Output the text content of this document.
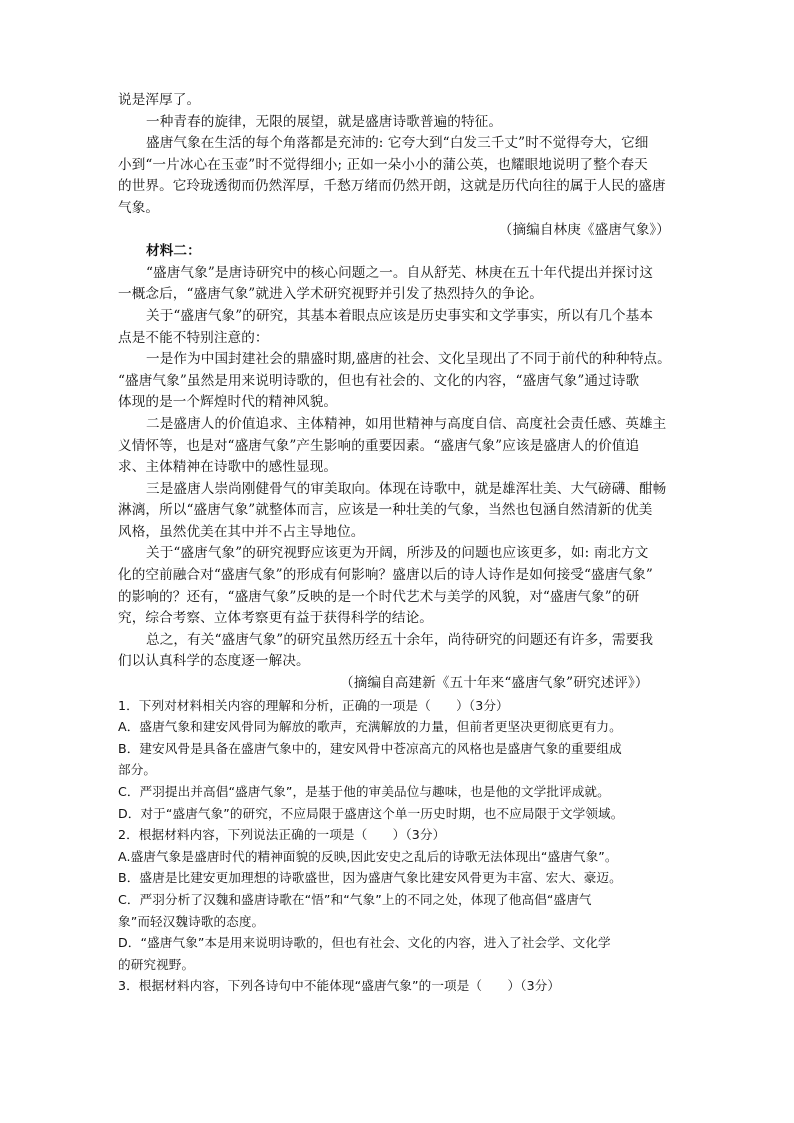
说是浑厚了。

一种青春的旋律，无限的展望，就是盛唐诗歌普遍的特征。

盛唐气象在生活的每个角落都是充沛的: 它夸大到“白发三千丈”时不觉得夸大，它细

小到“一片冰心在玉壶”时不觉得细小; 正如一朵小小的蒲公英，也耀眼地说明了整个春天

的世界。它玲珑透彻而仍然浑厚，千愁万绪而仍然开朗，这就是历代向往的属于人民的盛唐

气象。

（摘编自林庚《盛唐气象》）

材料二：

“盛唐气象”是唐诗研究中的核心问题之一。自从舒芜、林庚在五十年代提出并探讨这

一概念后，“盛唐气象”就进入学术研究视野并引发了热烈持久的争论。

关于“盛唐气象”的研究，其基本着眼点应该是历史事实和文学事实，所以有几个基本

点是不能不特别注意的：

一是作为中国封建社会的鼎盛时期,盛唐的社会、文化呈现出了不同于前代的种种特点。

“盛唐气象”虽然是用来说明诗歌的，但也有社会的、文化的内容，“盛唐气象”通过诗歌

体现的是一个辉煌时代的精神风貌。

二是盛唐人的价值追求、主体精神，如用世精神与高度自信、高度社会责任感、英雄主

义情怀等，也是对“盛唐气象”产生影响的重要因素。“盛唐气象”应该是盛唐人的价值追

求、主体精神在诗歌中的感性显现。

三是盛唐人崇尚刚健骨气的审美取向。体现在诗歌中，就是雄浑壮美、大气磅礴、酣畅

淋漓，所以“盛唐气象”就整体而言，应该是一种壮美的气象，当然也包涵自然清新的优美

风格，虽然优美在其中并不占主导地位。

关于“盛唐气象”的研究视野应该更为开阔，所涉及的问题也应该更多，如: 南北方文

化的空前融合对“盛唐气象”的形成有何影响？盛唐以后的诗人诗作是如何接受“盛唐气象”

的影响的？还有，“盛唐气象”反映的是一个时代艺术与美学的风貌，对“盛唐气象”的研

究，综合考察、立体考察更有益于获得科学的结论。

总之，有关“盛唐气象”的研究虽然历经五十余年，尚待研究的问题还有许多，需要我

们以认真科学的态度逐一解决。

（摘编自高建新《五十年来“盛唐气象”研究述评》）

1．下列对材料相关内容的理解和分析，正确的一项是（　　）（3分）

A．盛唐气象和建安风骨同为解放的歌声，充满解放的力量，但前者更坚决更彻底更有力。

B．建安风骨是具备在盛唐气象中的，建安风骨中苍凉高亢的风格也是盛唐气象的重要组成

部分。

C．严羽提出并高倡“盛唐气象”，是基于他的审美品位与趣味，也是他的文学批评成就。

D．对于“盛唐气象”的研究，不应局限于盛唐这个单一历史时期，也不应局限于文学领域。

2．根据材料内容，下列说法正确的一项是（　　）（3分）

A.盛唐气象是盛唐时代的精神面貌的反映,因此安史之乱后的诗歌无法体现出“盛唐气象”。

B．盛唐是比建安更加理想的诗歌盛世，因为盛唐气象比建安风骨更为丰富、宏大、豪迈。

C．严羽分析了汉魏和盛唐诗歌在“悟”和“气象”上的不同之处，体现了他高倡“盛唐气

象”而轻汉魏诗歌的态度。

D．“盛唐气象”本是用来说明诗歌的，但也有社会、文化的内容，进入了社会学、文化学

的研究视野。

3．根据材料内容，下列各诗句中不能体现“盛唐气象”的一项是（　　）（3分）
